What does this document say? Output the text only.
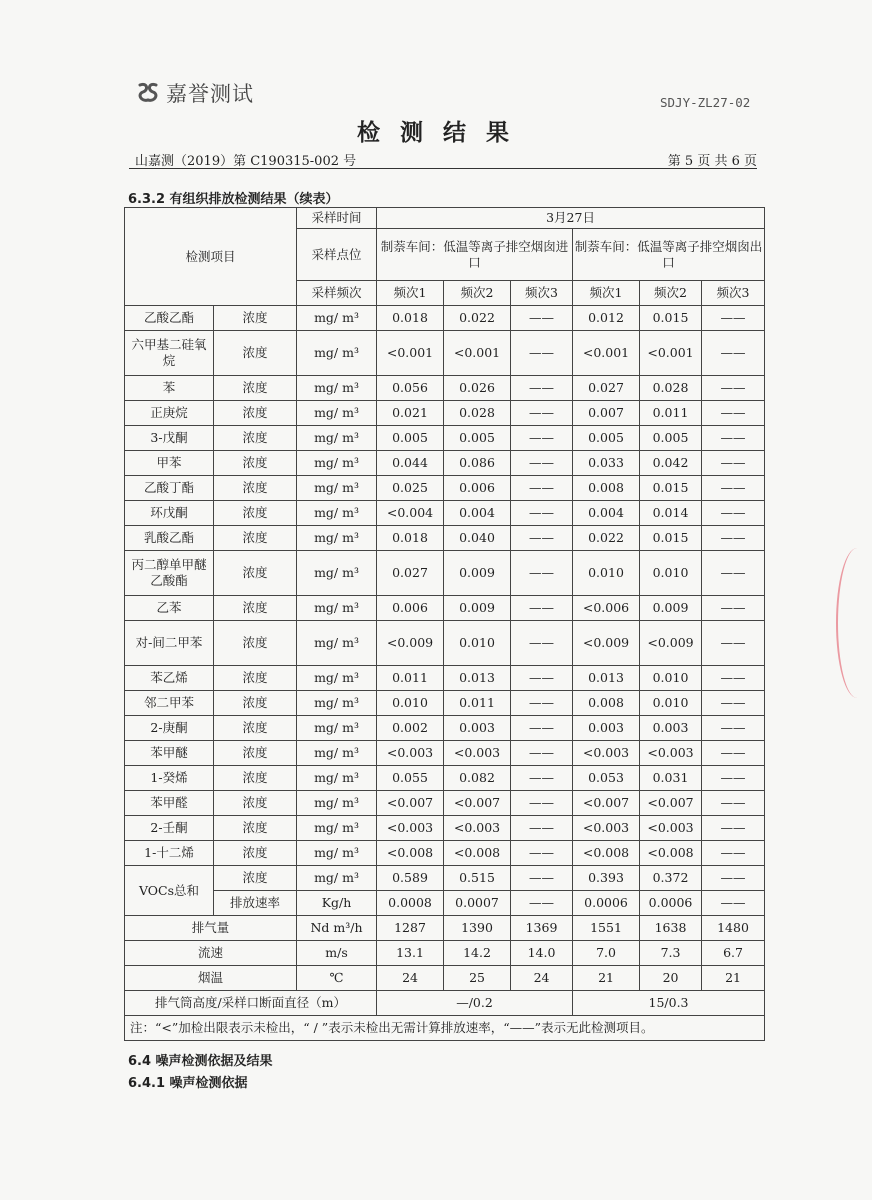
嘉誉测试	SDJY-ZL27-02
检 测 结 果
山嘉测（2019）第 C190315-002 号	第 5 页 共 6 页
6.3.2 有组织排放检测结果（续表）
检测项目		采样时间	3月27日					
		采样点位	制萘车间：低温等离子排空烟囱进口			制萘车间：低温等离子排空烟囱出口		
		采样频次	频次1	频次2	频次3	频次1	频次2	频次3
乙酸乙酯	浓度	mg/ m³	0.018	0.022	——	0.012	0.015	——
六甲基二硅氧烷	浓度	mg/ m³	<0.001	<0.001	——	<0.001	<0.001	——
苯	浓度	mg/ m³	0.056	0.026	——	0.027	0.028	——
正庚烷	浓度	mg/ m³	0.021	0.028	——	0.007	0.011	——
3-戊酮	浓度	mg/ m³	0.005	0.005	——	0.005	0.005	——
甲苯	浓度	mg/ m³	0.044	0.086	——	0.033	0.042	——
乙酸丁酯	浓度	mg/ m³	0.025	0.006	——	0.008	0.015	——
环戊酮	浓度	mg/ m³	<0.004	0.004	——	0.004	0.014	——
乳酸乙酯	浓度	mg/ m³	0.018	0.040	——	0.022	0.015	——
丙二醇单甲醚乙酸酯	浓度	mg/ m³	0.027	0.009	——	0.010	0.010	——
乙苯	浓度	mg/ m³	0.006	0.009	——	<0.006	0.009	——
对-间二甲苯	浓度	mg/ m³	<0.009	0.010	——	<0.009	<0.009	——
苯乙烯	浓度	mg/ m³	0.011	0.013	——	0.013	0.010	——
邻二甲苯	浓度	mg/ m³	0.010	0.011	——	0.008	0.010	——
2-庚酮	浓度	mg/ m³	0.002	0.003	——	0.003	0.003	——
苯甲醚	浓度	mg/ m³	<0.003	<0.003	——	<0.003	<0.003	——
1-癸烯	浓度	mg/ m³	0.055	0.082	——	0.053	0.031	——
苯甲醛	浓度	mg/ m³	<0.007	<0.007	——	<0.007	<0.007	——
2-壬酮	浓度	mg/ m³	<0.003	<0.003	——	<0.003	<0.003	——
1-十二烯	浓度	mg/ m³	<0.008	<0.008	——	<0.008	<0.008	——
VOCs总和	浓度	mg/ m³	0.589	0.515	——	0.393	0.372	——
	排放速率	Kg/h	0.0008	0.0007	——	0.0006	0.0006	——
排气量		Nd m³/h	1287	1390	1369	1551	1638	1480
流速		m/s	13.1	14.2	14.0	7.0	7.3	6.7
烟温		℃	24	25	24	21	20	21
排气筒高度/采样口断面直径（m）			—/0.2			15/0.3		
注：“<”加检出限表示未检出，“ / ”表示未检出无需计算排放速率，“——”表示无此检测项目。								
6.4 噪声检测依据及结果
6.4.1 噪声检测依据
